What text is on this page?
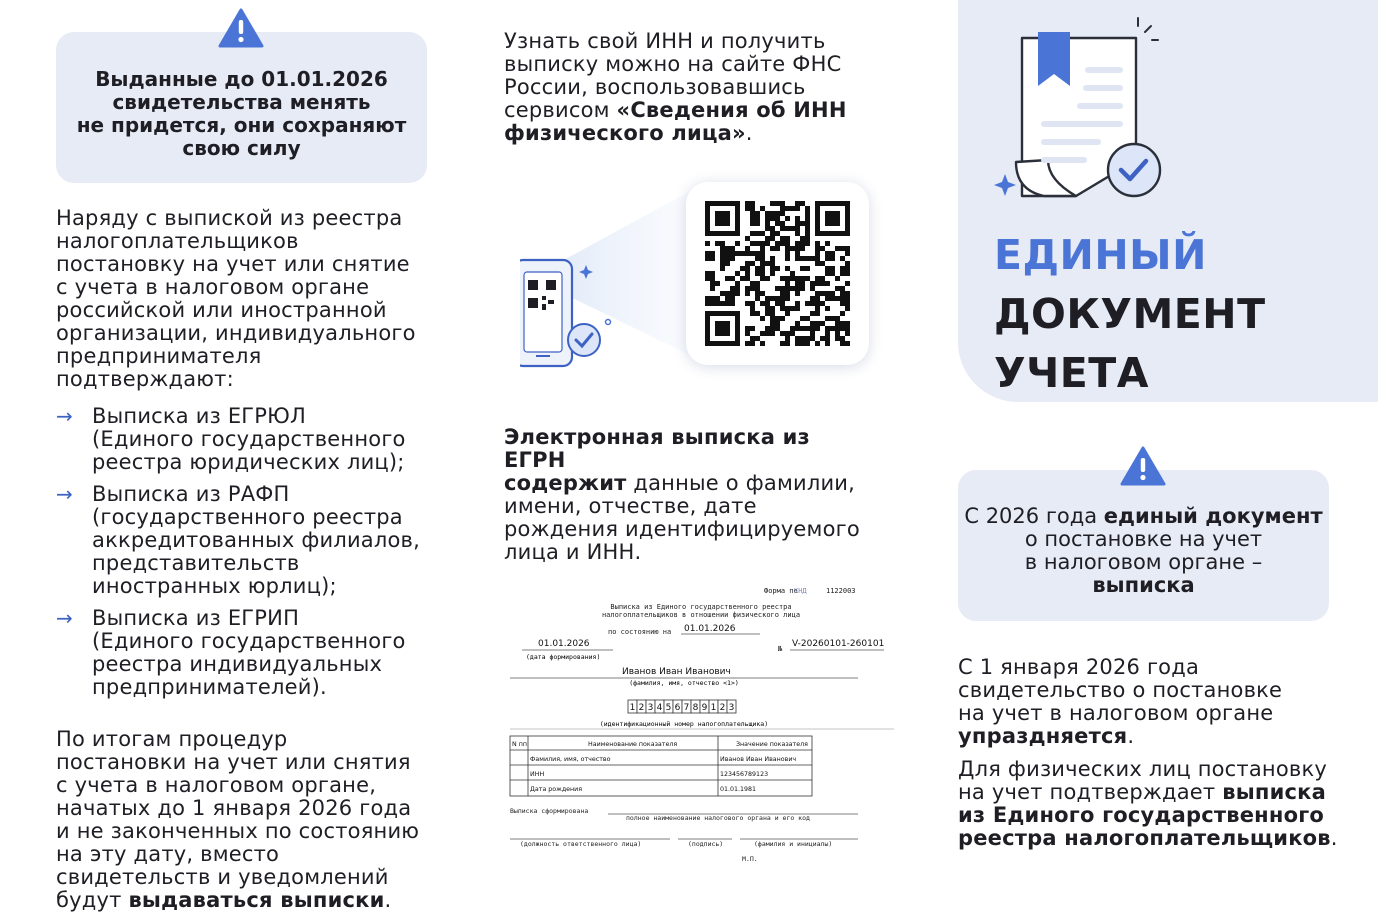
Выданные до 01.01.2026
свидетельства менять
не придется, они сохраняют
свою силу
Наряду с выпиской из реестра
налогоплательщиков
постановку на учет или снятие
с учета в налоговом органе
российской или иностранной
организации, индивидуального
предпринимателя
подтверждают:
→ Выписка из ЕГРЮЛ
(Единого государственного
реестра юридических лиц);
→ Выписка из РАФП
(государственного реестра
аккредитованных филиалов,
представительств
иностранных юрлиц);
→ Выписка из ЕГРИП
(Единого государственного
реестра индивидуальных
предпринимателей).
По итогам процедур
постановки на учет или снятия
с учета в налоговом органе,
начатых до 1 января 2026 года
и не законченных по состоянию
на эту дату, вместо
свидетельств и уведомлений
будут выдаваться выписки.
Узнать свой ИНН и получить
выписку можно на сайте ФНС
России, воспользовавшись
сервисом «Сведения об ИНН
физического лица».
Электронная выписка из ЕГРН
содержит данные о фамилии,
имени, отчестве, дате
рождения идентифицируемого
лица и ИНН.
Форма по
КНД	1122003
Выписка из Единого государственного реестра
налогоплательщиков в отношении физического лица
по состоянию на 01.01.2026
01.01.2026	V-20260101-260101
Иванов Иван Иванович
№
(дата формирования)
(фамилия, имя, отчество <1>)
1 2 3 4 5 6 7 8 9 1 2 3
(идентификационный номер налогоплательщика)
N пп	Наименование показателя	Значение показателя
Фамилия, имя, отчество	Иванов Иван Иванович
ИНН	123456789123
Дата рождения	01.01.1981
Выписка сформирована
полное наименование налогового органа и его код
(должность ответственного лица)	(подпись)	(фамилия и инициалы)
М.П.
ЕДИНЫЙ
ДОКУМЕНТ
УЧЕТА
С 2026 года единый документ
о постановке на учет
в налоговом органе –
выписка
С 1 января 2026 года
свидетельство о постановке
на учет в налоговом органе
упраздняется.
Для физических лиц постановку
на учет подтверждает выписка
из Единого государственного
реестра налогоплательщиков.
